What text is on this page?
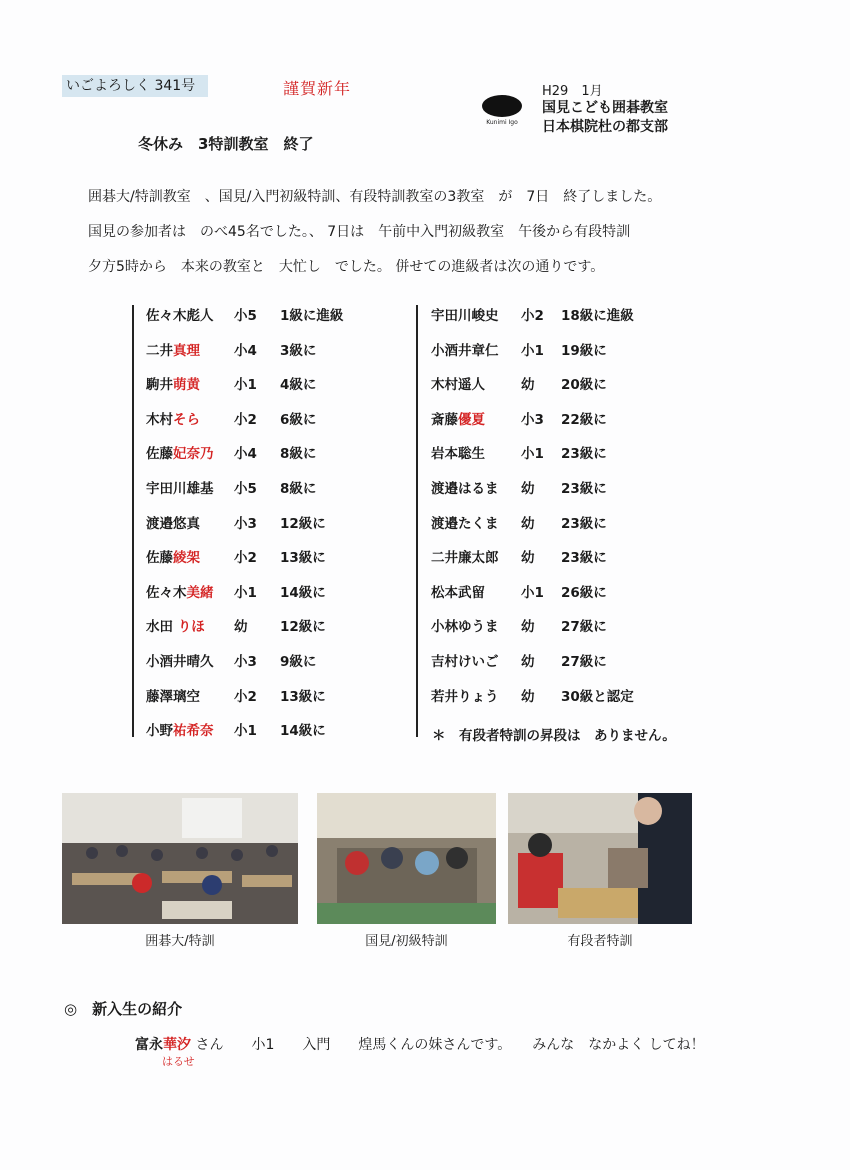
いごよろしく 341号	謹賀新年	H29　1月
Kunimi Igo
国見こども囲碁教室
日本棋院杜の都支部
冬休み　3特訓教室　終了
囲碁大/特訓教室　、国見/入門初級特訓、有段特訓教室の3教室　が　7日　終了しました。
国見の参加者は　のべ45名でした。、 7日は　午前中入門初級教室　午後から有段特訓
夕方5時から　本来の教室と　大忙し　でした。 併せての進級者は次の通りです。
佐々木彪人 小5 1級に進級
二井真理	小4 3級に
駒井萌黄	小1 4級に
木村そら	小2 6級に
佐藤妃奈乃 小4 8級に
宇田川雄基 小5 8級に
渡邉悠真	小3 12級に
佐藤綾架	小2 13級に
佐々木美緒 小1 14級に
水田 りほ 幼 12級に
小酒井晴久 小3 9級に
藤澤璃空	小2 13級に
小野祐希奈 小1 14級に
宇田川峻史 小2 18級に進級
小酒井章仁 小1 19級に
木村遥人	幼 20級に
斎藤優夏	小3 22級に
岩本聡生	小1 23級に
渡邉はるま 幼 23級に
渡邉たくま 幼 23級に
二井廉太郎 幼 23級に
松本武留	小1 26級に
小林ゆうま 幼 27級に
吉村けいご 幼 27級に
若井りょう 幼 30級と認定
＊　有段者特訓の昇段は　ありません。
囲碁大/特訓	国見/初級特訓	有段者特訓
◎　新入生の紹介
富永華汐 さん　　小1　　入門　　煌馬くんの妹さんです。　　みんな　なかよく してね！
はるせ
